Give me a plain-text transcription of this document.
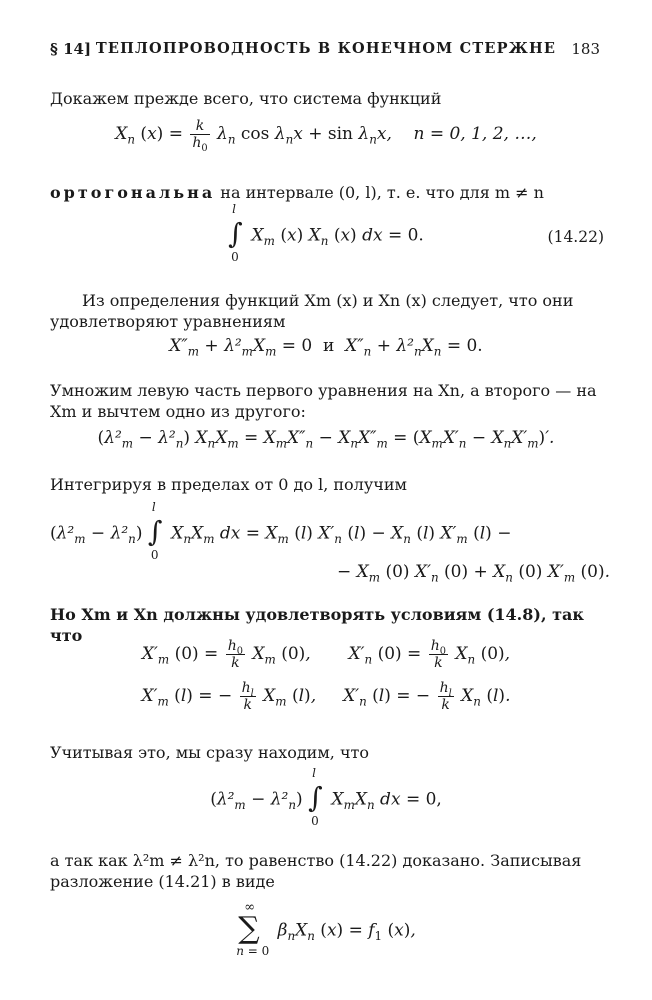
§ 14] ТЕПЛОПРОВОДНОСТЬ В КОНЕЧНОМ СТЕРЖНЕ	183
Докажем прежде всего, что система функций
$X_n$ $(x) = \frac{k}{h_0} \lambda_n$ $\cos \lambda_nx + \sin \lambda_nx$,    n = 0, 1, 2, …,
ортогональна на интервале (0, l), т. е. что для m ≠ n
l
∫
0
$X_m$ (x) $X_n$ (x) dx = 0.	(14.22)
Из определения функций Xm (x) и Xn (x) следует, что они удовлетворяют уравнениям
$X''_m + \lambda^2_mX_m = 0$ и  $X''_n + \lambda^2_nX_n = 0$.
Умножим левую часть первого уравнения на Xn, а второго — на Xm и вычтем одно из другого:
$(\lambda^2_m - \lambda^2_n) X_nX_m = X_mX''_n - X_nX''_m = (X_mX'_n - X_nX'_m)'$.
Интегрируя в пределах от 0 до l, получим
$(\lambda^2_m - \lambda^2_n)$
l
∫
0
$X_nX_m$ dx = $X_m$ (l) $X'_n$ $(l) - X_n$ (l) $X'_m$ (l) −
− $X_m$ (0) $X'_n$ $(0) + X_n$ (0) $X'_m$ (0).
Но Xm и Xn должны удовлетворять условиям (14.8), так что
$X'_m$ $(0) = \frac{h_0}{k} X_m$ (0),       $X'_n$ $(0) = \frac{h_0}{k} X_n$ (0),
$X'_m$ (l) = − $\frac{h_l}{k} X_m$ (l),     $X'_n$ (l) = − $\frac{h_l}{k} X_n$ (l).
Учитывая это, мы сразу находим, что
$(\lambda^2_m - \lambda^2_n)$
l
∫
0
$X_mX_n$ dx = 0,
а так как λ²m ≠ λ²n, то равенство (14.22) доказано. Записывая разложение (14.21) в виде
∞
∑
n = 0
$\beta_nX_n$ $(x) = f_1$ (x),
